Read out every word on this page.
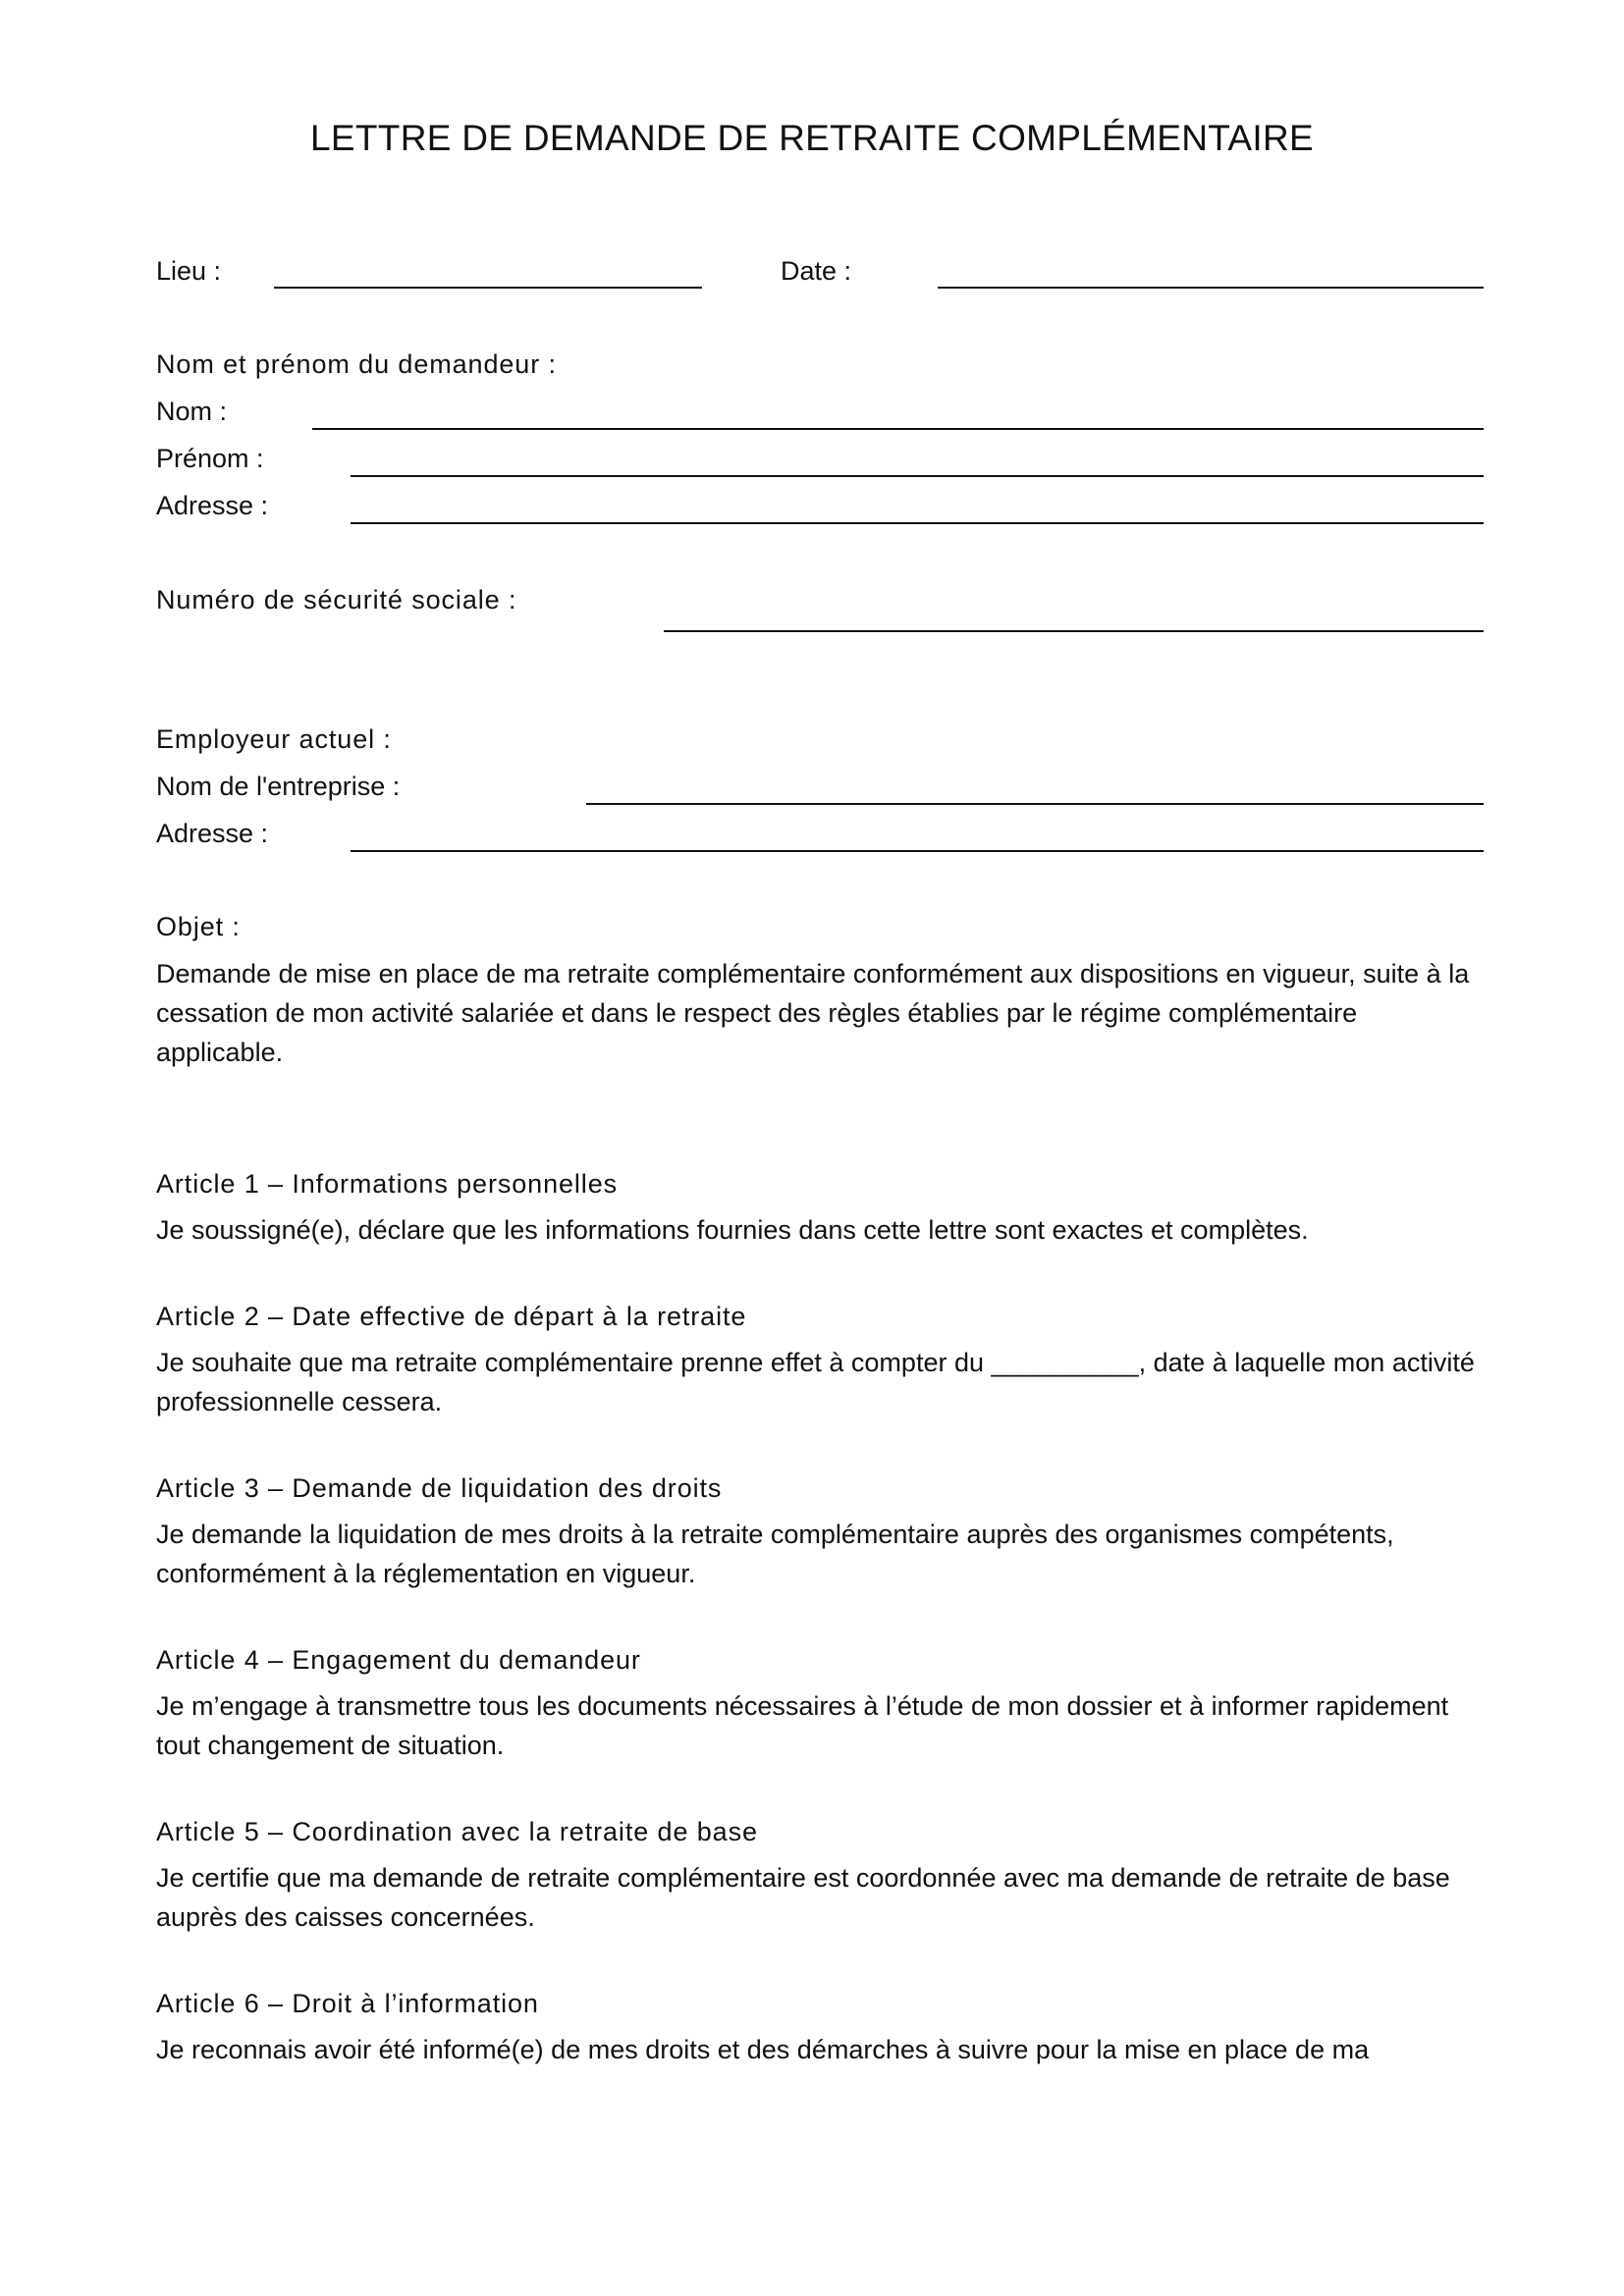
LETTRE DE DEMANDE DE RETRAITE COMPLÉMENTAIRE
Lieu :	Date :
Nom et prénom du demandeur :
Nom :
Prénom :
Adresse :
Numéro de sécurité sociale :
Employeur actuel :
Nom de l'entreprise :
Adresse :
Objet :
Demande de mise en place de ma retraite complémentaire conformément aux dispositions en vigueur, suite à la cessation de mon activité salariée et dans le respect des règles établies par le régime complémentaire applicable.
Article 1 – Informations personnelles
Je soussigné(e), déclare que les informations fournies dans cette lettre sont exactes et complètes.
Article 2 – Date effective de départ à la retraite
Je souhaite que ma retraite complémentaire prenne effet à compter du __________, date à laquelle mon activité professionnelle cessera.
Article 3 – Demande de liquidation des droits
Je demande la liquidation de mes droits à la retraite complémentaire auprès des organismes compétents, conformément à la réglementation en vigueur.
Article 4 – Engagement du demandeur
Je m’engage à transmettre tous les documents nécessaires à l’étude de mon dossier et à informer rapidement tout changement de situation.
Article 5 – Coordination avec la retraite de base
Je certifie que ma demande de retraite complémentaire est coordonnée avec ma demande de retraite de base auprès des caisses concernées.
Article 6 – Droit à l’information
Je reconnais avoir été informé(e) de mes droits et des démarches à suivre pour la mise en place de ma
